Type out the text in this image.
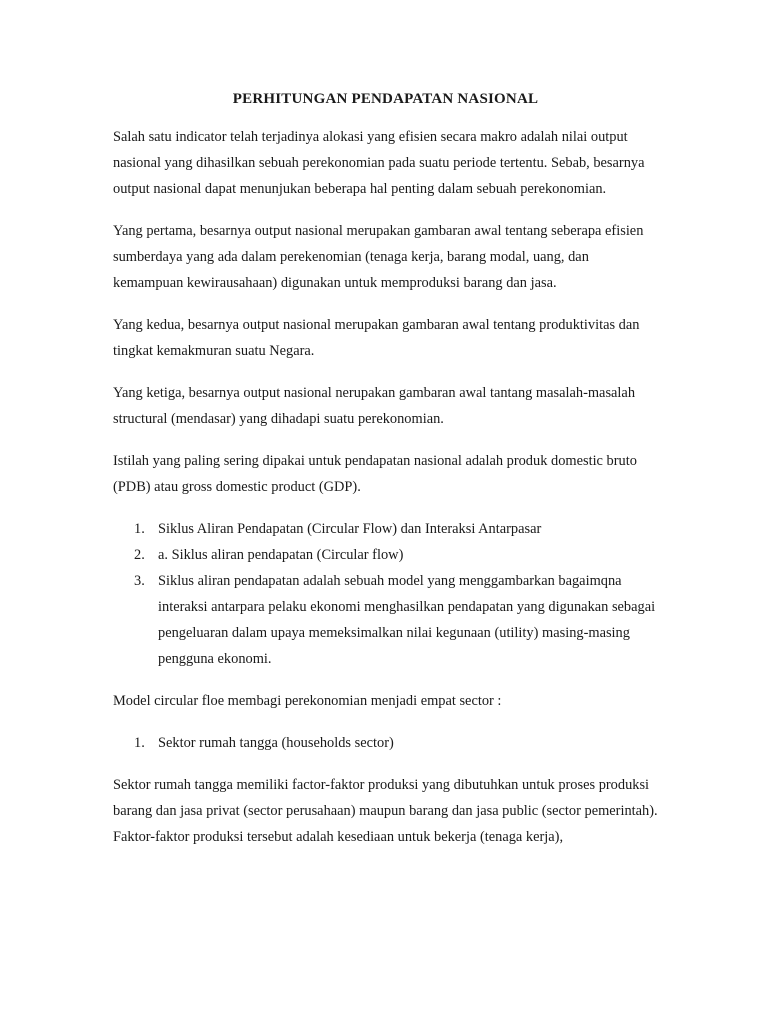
PERHITUNGAN PENDAPATAN NASIONAL

Salah satu indicator telah terjadinya alokasi yang efisien secara makro adalah nilai output nasional yang dihasilkan sebuah perekonomian pada suatu periode tertentu. Sebab, besarnya output nasional dapat menunjukan beberapa hal penting dalam sebuah perekonomian.

Yang pertama, besarnya output nasional merupakan gambaran awal tentang seberapa efisien sumberdaya yang ada dalam perekenomian (tenaga kerja, barang modal, uang, dan kemampuan kewirausahaan) digunakan untuk memproduksi barang dan jasa.

Yang kedua, besarnya output nasional merupakan gambaran awal tentang produktivitas dan tingkat kemakmuran suatu Negara.

Yang ketiga, besarnya output nasional nerupakan gambaran awal tantang masalah-masalah structural (mendasar) yang dihadapi suatu perekonomian.

Istilah yang paling sering dipakai untuk pendapatan nasional adalah produk domestic bruto (PDB) atau gross domestic product (GDP).

1. Siklus Aliran Pendapatan (Circular Flow) dan Interaksi Antarpasar
2. a. Siklus aliran pendapatan (Circular flow)
3. Siklus aliran pendapatan adalah sebuah model yang menggambarkan bagaimqna interaksi antarpara pelaku ekonomi menghasilkan pendapatan yang digunakan sebagai pengeluaran dalam upaya memeksimalkan nilai kegunaan (utility) masing-masing pengguna ekonomi.

Model circular floe membagi perekonomian menjadi empat sector :

1. Sektor rumah tangga (households sector)

Sektor rumah tangga memiliki factor-faktor produksi yang dibutuhkan untuk proses produksi barang dan jasa privat (sector perusahaan) maupun barang dan jasa public (sector pemerintah). Faktor-faktor produksi tersebut adalah kesediaan untuk bekerja (tenaga kerja),
